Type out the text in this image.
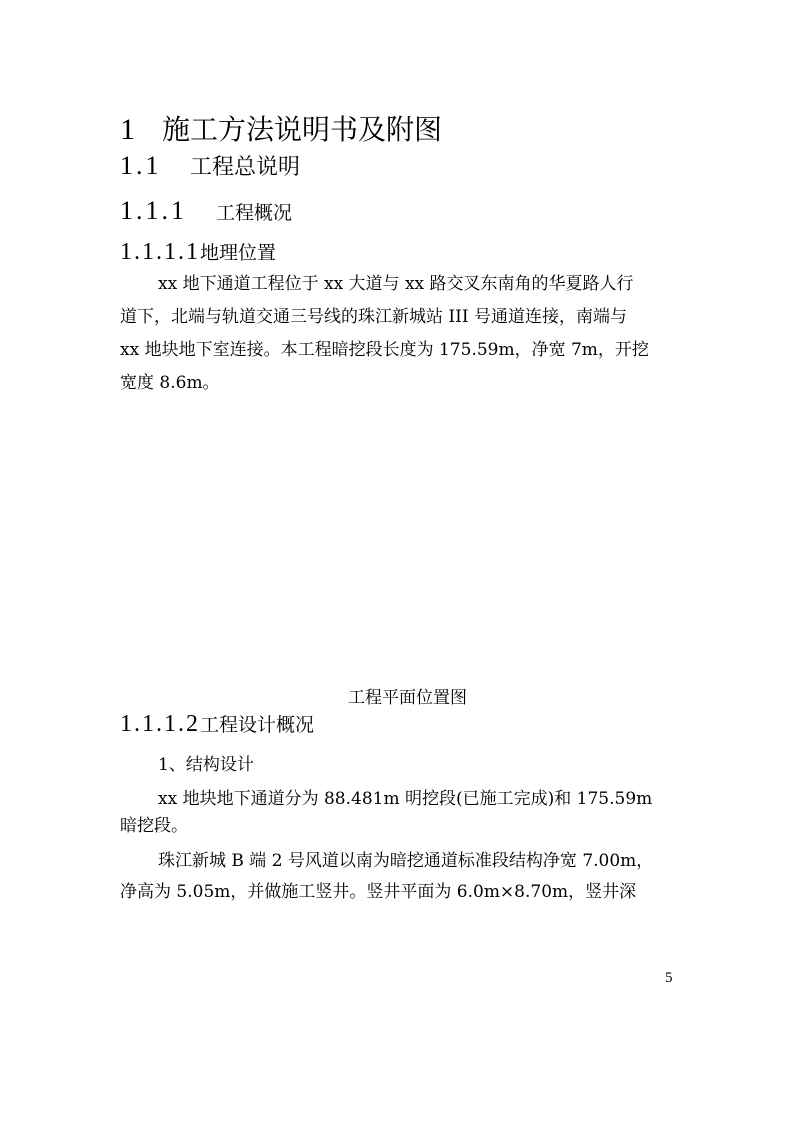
1 施工方法说明书及附图
1.1 工程总说明
1.1.1 工程概况
1.1.1.1地理位置
xx 地下通道工程位于 xx 大道与 xx 路交叉东南角的华夏路人行
道下，北端与轨道交通三号线的珠江新城站 III 号通道连接，南端与
xx 地块地下室连接。本工程暗挖段长度为 175.59m，净宽 7m，开挖
宽度 8.6m。
工程平面位置图
1.1.1.2工程设计概况
1、结构设计
xx 地块地下通道分为 88.481m 明挖段(已施工完成)和 175.59m
暗挖段。
珠江新城 B 端 2 号风道以南为暗挖通道标准段结构净宽 7.00m，
净高为 5.05m，并做施工竖井。竖井平面为 6.0m×8.70m，竖井深
5
